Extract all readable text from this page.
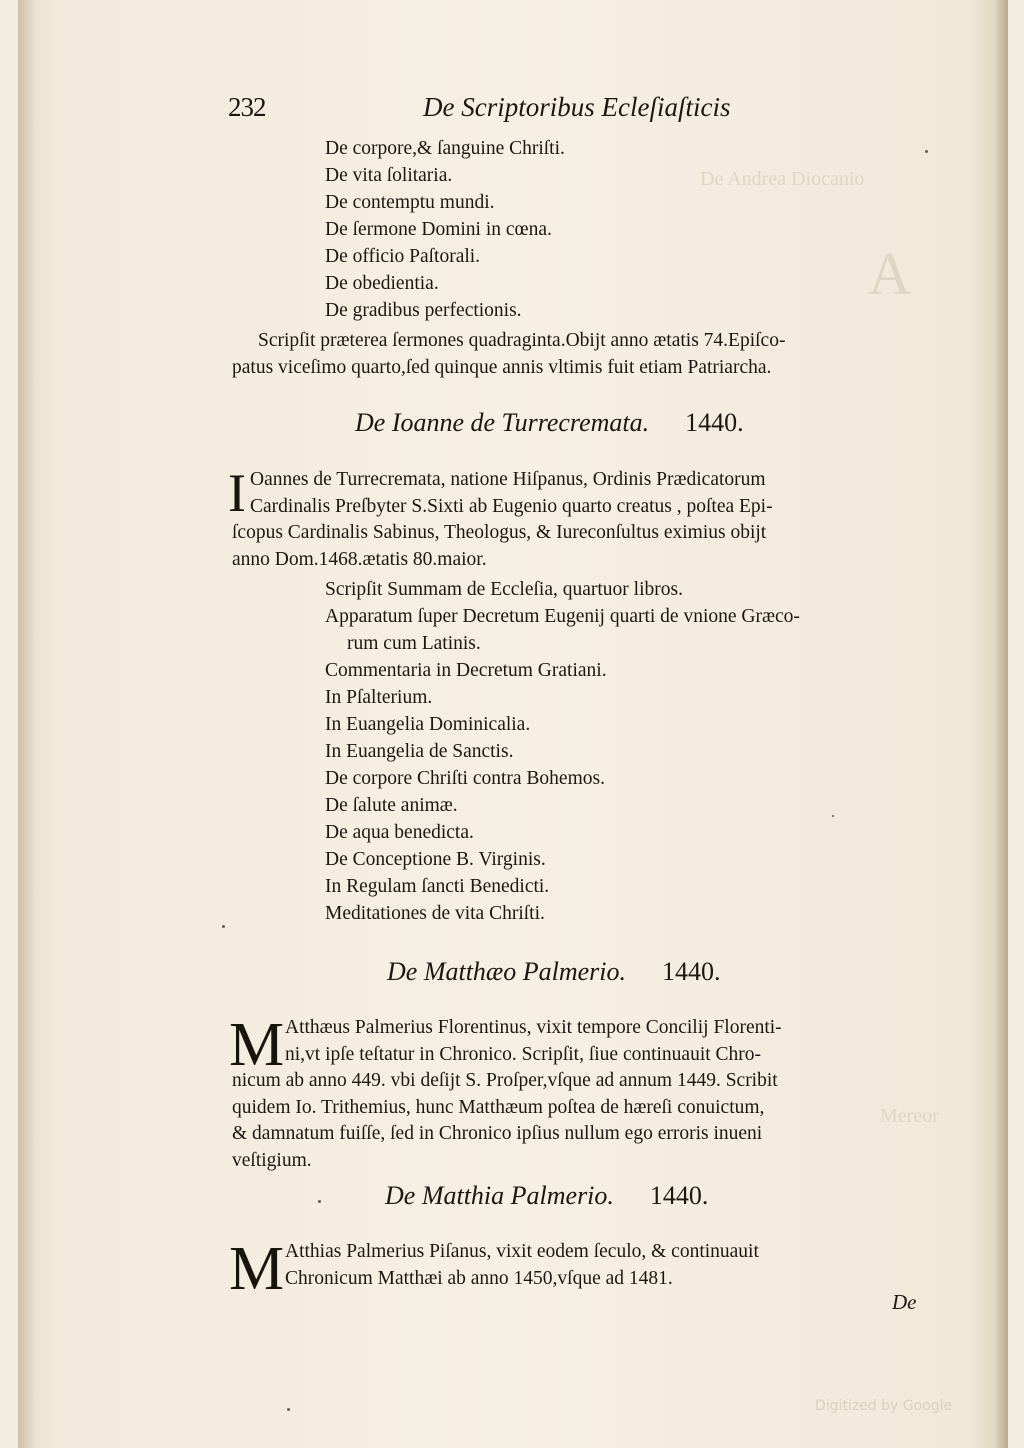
De Andrea Diocanio
A
Mereor
232	De Scriptoribus Ecleſiaſticis
De corpore,& ſanguine Chriſti.
De vita ſolitaria.
De contemptu mundi.
De ſermone Domini in cœna.
De officio Paſtorali.
De obedientia.
De gradibus perfectionis.
Scripſit præterea ſermones quadraginta.Obijt anno ætatis 74.Epiſco-
patus viceſimo quarto,ſed quinque annis vltimis fuit etiam Patriarcha.
De Ioanne de Turrecremata. 1440.
I Oannes de Turrecremata, natione Hiſpanus, Ordinis Prædicatorum
Cardinalis Preſbyter S.Sixti ab Eugenio quarto creatus , poſtea Epi-
ſcopus Cardinalis Sabinus, Theologus, & Iureconſultus eximius obijt
anno Dom.1468.ætatis 80.maior.
Scripſit Summam de Eccleſia, quartuor libros.
Apparatum ſuper Decretum Eugenij quarti de vnione Græco-
rum cum Latinis.
Commentaria in Decretum Gratiani.
In Pſalterium.
In Euangelia Dominicalia.
In Euangelia de Sanctis.
De corpore Chriſti contra Bohemos.
De ſalute animæ.
De aqua benedicta.
De Conceptione B. Virginis.
In Regulam ſancti Benedicti.
Meditationes de vita Chriſti.
De Matthæo Palmerio. 1440.
M Atthæus Palmerius Florentinus, vixit tempore Concilij Florenti-
ni,vt ipſe teſtatur in Chronico. Scripſit, ſiue continuauit Chro-
nicum ab anno 449. vbi deſijt S. Proſper,vſque ad annum 1449. Scribit
quidem Io. Trithemius, hunc Matthæum poſtea de hæreſi conuictum,
& damnatum fuiſſe, ſed in Chronico ipſius nullum ego erroris inueni
veſtigium.
De Matthia Palmerio. 1440.
M Atthias Palmerius Piſanus, vixit eodem ſeculo, & continuauit
Chronicum Matthæi ab anno 1450,vſque ad 1481.
De
Digitized by Google
